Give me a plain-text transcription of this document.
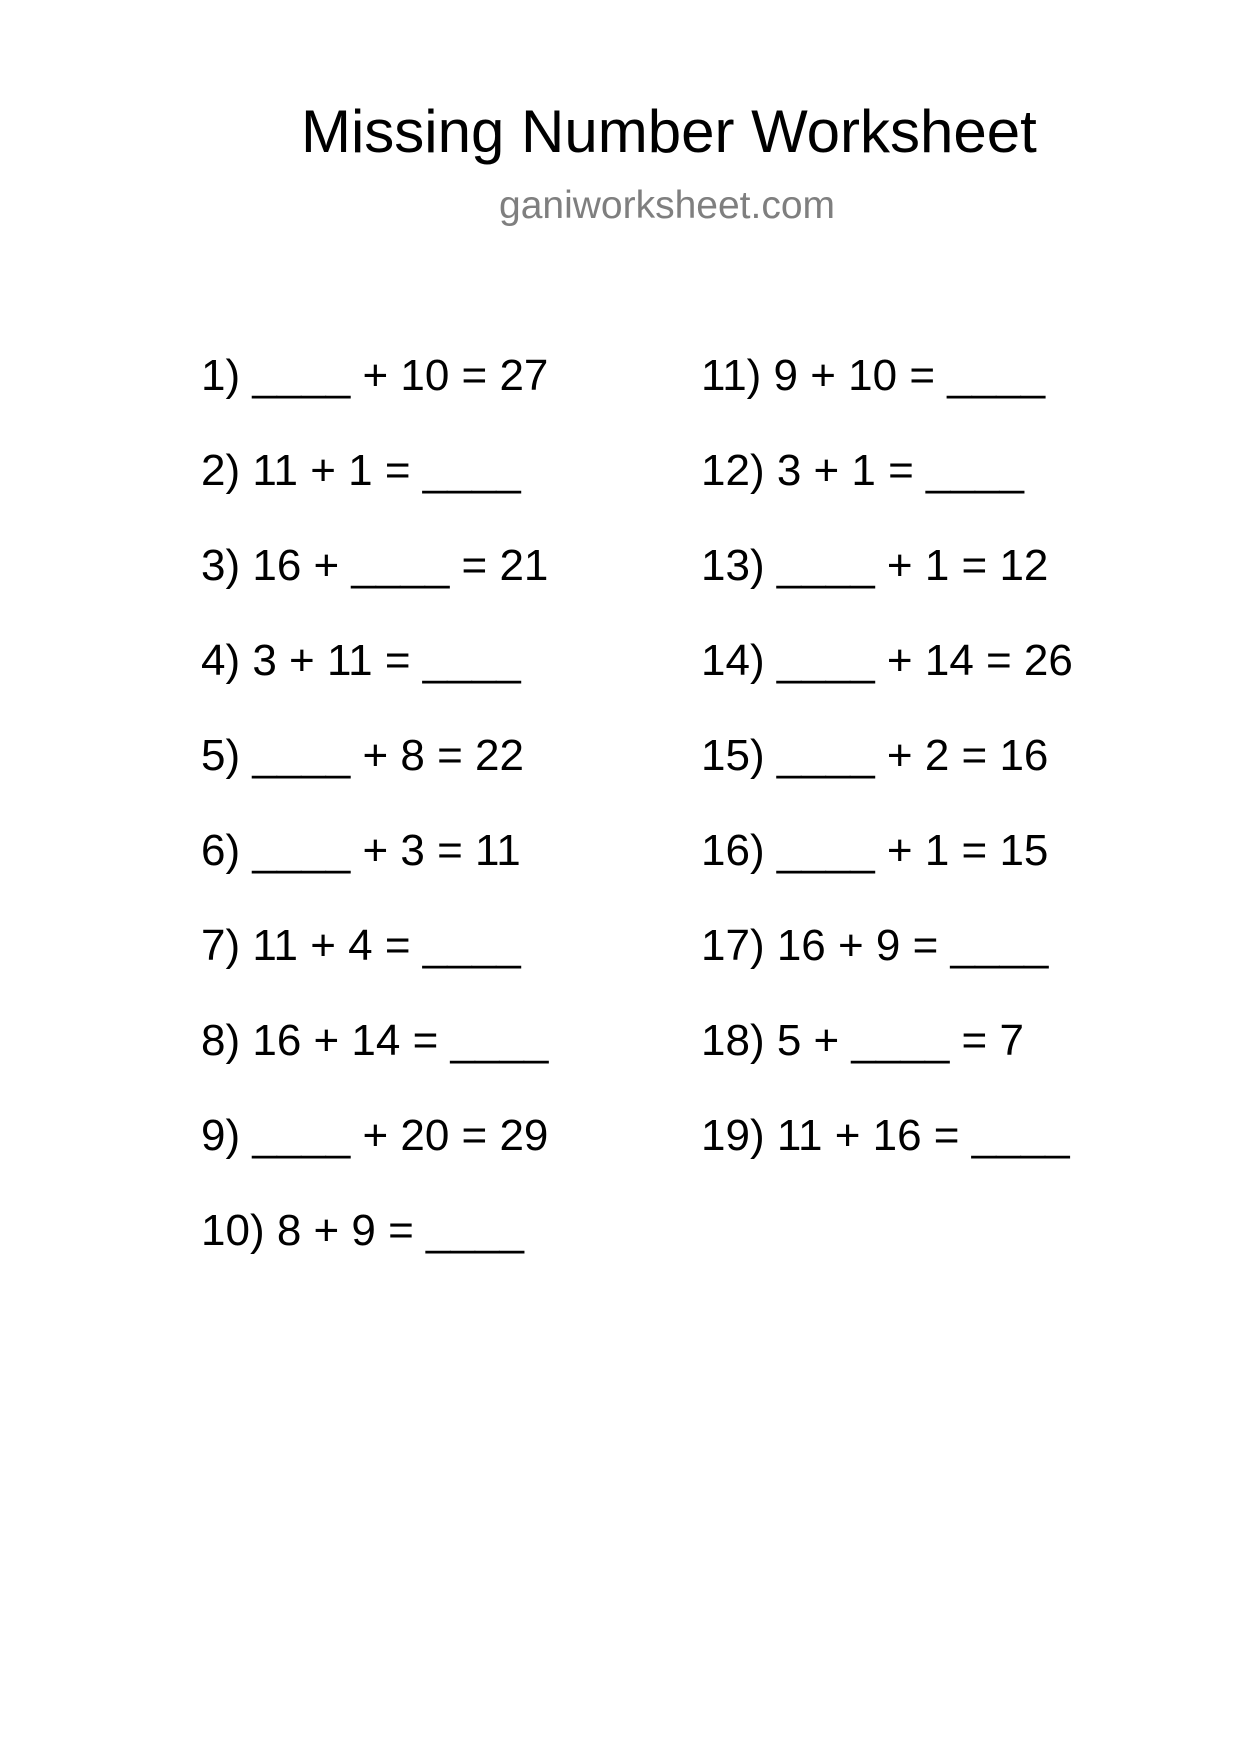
Missing Number Worksheet
ganiworksheet.com
1) ____ + 10 = 27
2) 11 + 1 = ____
3) 16 + ____ = 21
4) 3 + 11 = ____
5) ____ + 8 = 22
6) ____ + 3 = 11
7) 11 + 4 = ____
8) 16 + 14 = ____
9) ____ + 20 = 29
10) 8 + 9 = ____
11) 9 + 10 = ____
12) 3 + 1 = ____
13) ____ + 1 = 12
14) ____ + 14 = 26
15) ____ + 2 = 16
16) ____ + 1 = 15
17) 16 + 9 = ____
18) 5 + ____ = 7
19) 11 + 16 = ____
